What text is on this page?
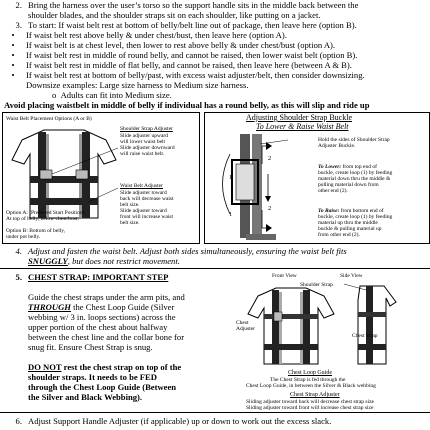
2. Bring the harness over the user’s torso so the support handle sits in the middle back between the
shoulder blades, and the shoulder straps sit on each shoulder, like putting on a jacket.
3. To start: If waist belt rest at bottom of belly/belt line out of package, then leave here (option B).
• If waist belt rest above belly & under chest/bust, then leave here (option A).
• If waist belt is at chest level, then lower to rest above belly & under chest/bust (option A).
• If waist belt rest in middle of round belly, and cannot be raised, then lower waist belt (option B).
• If waist belt rest in middle of flat belly, and cannot be raised, then leave here (between A & B).
• If waist belt rest at bottom of belly/past, with excess waist adjuster/belt, then consider downsizing.
Downsize examples: Large size harness to Medium size harness.
o  Adults can fit into Medium size.
Avoid placing waistbelt in middle of belly if individual has a round belly, as this will slip and ride up
Waist Belt Placement Options (A or B)
Shoulder Strap Adjuster
Slide adjuster upward
will lower waist belt
Slide adjuster downward
will raise waist belt.
Waist Belt Adjuster
Slide adjuster toward
back will decrease waist
belt size.
Slide adjuster toward
front will increase waist
belt size.
Option A: (Preferred Start Position)
At top of belly, below chest/bust.
Option B: Bottom of belly,
under pot belly.
Adjusting Shoulder Strap Buckle
To Lower & Raise Waist Belt
1
2
2
1
Hold the sides of Shoulder Strap
Adjuster Buckle.
To Lower: from top end of
buckle, create loop (1) by feeding
material down thru the middle &
pulling material down from
other end (2).
To Raise: from bottom end of
buckle, create loop (1) by feeding
material up thru the middle
buckle & pulling material up
from other end (2).
4. Adjust and fasten the waist belt. Adjust both sides simultaneously, ensuring the waist belt fits
SNUGGLY, but does not restrict movement.
5. CHEST STRAP: IMPORTANT STEP
Guide the chest straps under the arm pits, and
THROUGH the Chest Loop Guide (Silver
webbing w/ 3 in. loops sections) across the
upper portion of the chest about halfway
between the chest line and the collar bone for
snug fit. Ensure Chest Strap is snug.
DO NOT rest the chest strap on top of the
shoulder straps. It needs to be FED
through the Chest Loop Guide (Between
the Silver and Black Webbing).
Front View	Side View
Shoulder Strap
Chest
Adjuster
Chest Strap
Chest Loop Guide
The Chest Strap is fed through the
Chest Loop Guide, in between the Silver & Black webbing
Chest Strap Adjuster
Sliding adjuster toward back will decrease chest strap size
Sliding adjuster toward front will increase chest strap size
6. Adjust Support Handle Adjuster (if applicable) up or down to work out the excess slack.
